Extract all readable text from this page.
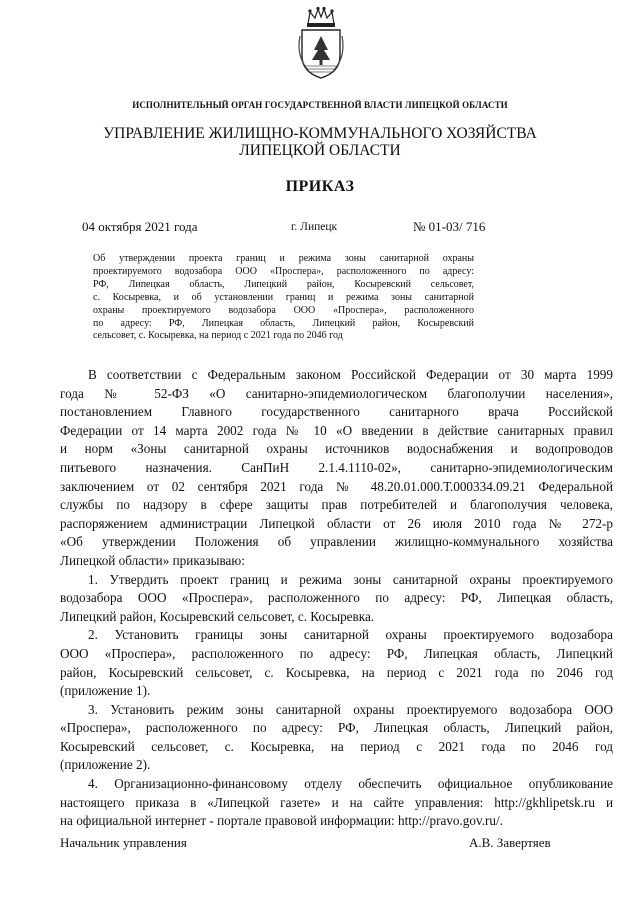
ИСПОЛНИТЕЛЬНЫЙ ОРГАН ГОСУДАРСТВЕННОЙ ВЛАСТИ ЛИПЕЦКОЙ ОБЛАСТИ
УПРАВЛЕНИЕ ЖИЛИЩНО-КОММУНАЛЬНОГО ХОЗЯЙСТВА
ЛИПЕЦКОЙ ОБЛАСТИ
ПРИКАЗ
04 октября 2021 года	г. Липецк	№ 01-03/ 716
Об утверждении проекта границ и режима зоны санитарной охраны
проектируемого водозабора ООО «Просперa», расположенного по адресу:
РФ, Липецкая область, Липецкий район, Косыревский сельсовет,
с. Косыревка, и об установлении границ и режима зоны санитарной
охраны проектируемого водозабора ООО «Просперa», расположенного
по адресу: РФ, Липецкая область, Липецкий район, Косыревский
сельсовет, с. Косыревка, на период с 2021 года по 2046 год

В соответствии с Федеральным законом Российской Федерации от 30 марта 1999
года № 52-ФЗ «О санитарно-эпидемиологическом благополучии населения»,
постановлением Главного государственного санитарного врача Российской
Федерации от 14 марта 2002 года № 10 «О введении в действие санитарных правил
и норм «Зоны санитарной охраны источников водоснабжения и водопроводов
питьевого назначения. СанПиН 2.1.4.1110-02», санитарно-эпидемиологическим
заключением от 02 сентября 2021 года № 48.20.01.000.Т.000334.09.21 Федеральной
службы по надзору в сфере защиты прав потребителей и благополучия человека,
распоряжением администрации Липецкой области от 26 июля 2010 года № 272-р
«Об утверждении Положения об управлении жилищно-коммунального хозяйства
Липецкой области» приказываю:

1. Утвердить проект границ и режима зоны санитарной охраны проектируемого
водозабора ООО «Проспера», расположенного по адресу: РФ, Липецкая область,
Липецкий район, Косыревский сельсовет, с. Косыревка.

2. Установить границы зоны санитарной охраны проектируемого водозабора
ООО «Проспера», расположенного по адресу: РФ, Липецкая область, Липецкий
район, Косыревский сельсовет, с. Косыревка, на период с 2021 года по 2046 год
(приложение 1).

3. Установить режим зоны санитарной охраны проектируемого водозабора ООО
«Проспера», расположенного по адресу: РФ, Липецкая область, Липецкий район,
Косыревский сельсовет, с. Косыревка, на период с 2021 года по 2046 год
(приложение 2).

4. Организационно-финансовому отделу обеспечить официальное опубликование
настоящего приказа в «Липецкой газете» и на сайте управления: http://gkhlipetsk.ru и
на официальной интернет - портале правовой информации: http://pravo.gov.ru/.

Начальник управления	А.В. Завертяев
